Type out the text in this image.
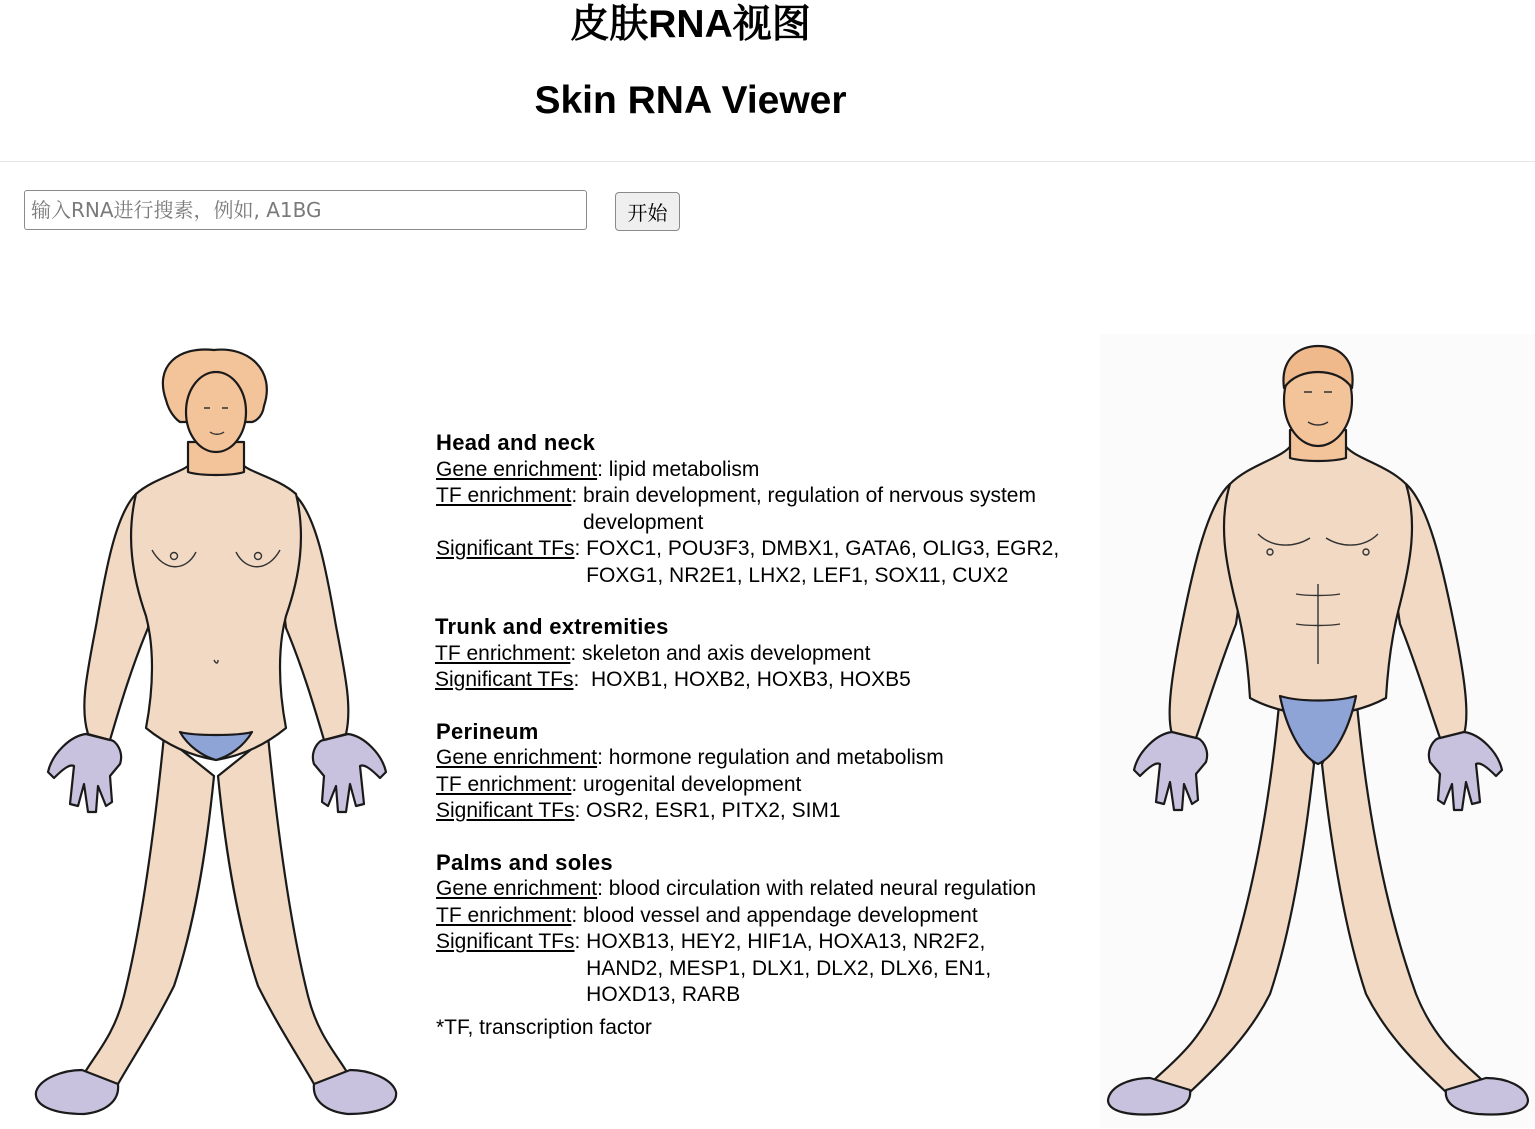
皮肤RNA视图
Skin RNA Viewer
输入RNA进行搜素，例如, A1BG
开始
Head and neck
Gene enrichment : lipid metabolism
TF enrichment : brain development, regulation of nervous system development
Significant TFs : FOXC1, POU3F3, DMBX1, GATA6, OLIG3, EGR2, FOXG1, NR2E1, LHX2, LEF1, SOX11, CUX2
Trunk and extremities
TF enrichment : skeleton and axis development
Significant TFs : HOXB1, HOXB2, HOXB3, HOXB5
Perineum
Gene enrichment : hormone regulation and metabolism
TF enrichment : urogenital development
Significant TFs : OSR2, ESR1, PITX2, SIM1
Palms and soles
Gene enrichment : blood circulation with related neural regulation
TF enrichment : blood vessel and appendage development
Significant TFs : HOXB13, HEY2, HIF1A, HOXA13, NR2F2, HAND2, MESP1, DLX1, DLX2, DLX6, EN1, HOXD13, RARB
*TF, transcription factor
